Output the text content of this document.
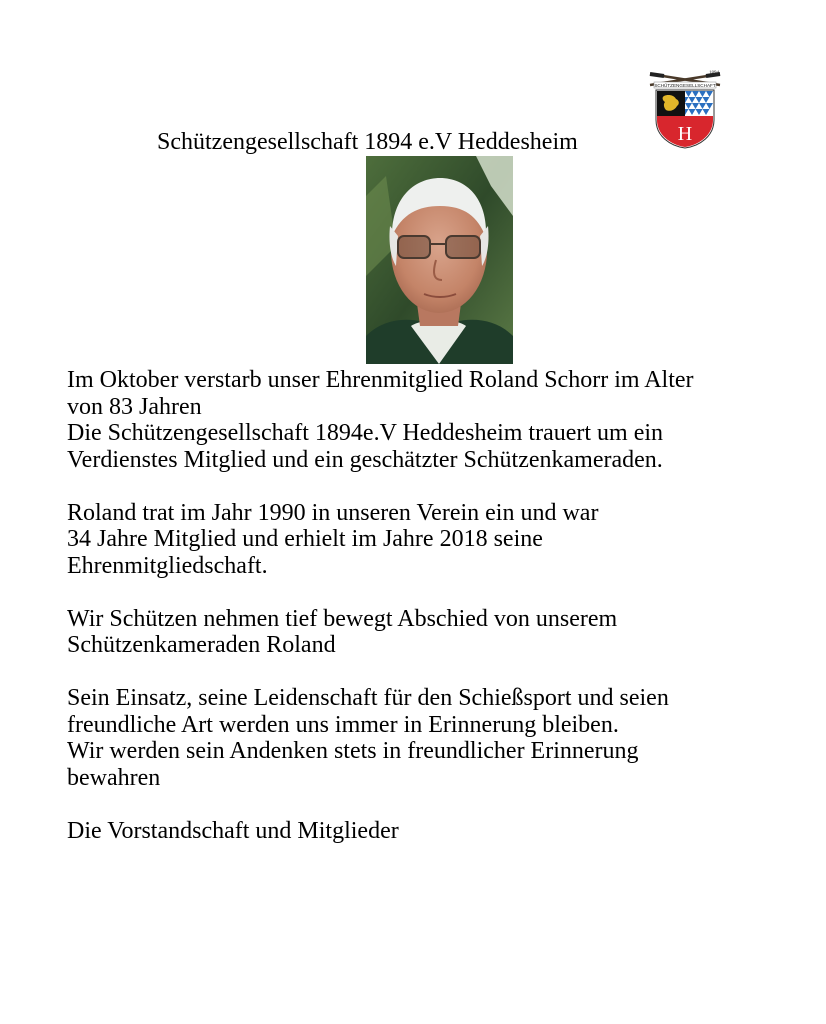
Schützengesellschaft 1894 e.V Heddesheim
1894
SCHÜTZENGESELLSCHAFT
H

Im Oktober verstarb unser Ehrenmitglied Roland Schorr im Alter

von 83 Jahren

Die Schützengesellschaft 1894e.V Heddesheim trauert um ein

Verdienstes Mitglied und ein geschätzter Schützenkameraden.

Roland trat im Jahr 1990 in unseren Verein ein und war

34 Jahre Mitglied und erhielt im Jahre 2018 seine

Ehrenmitgliedschaft.

Wir Schützen nehmen tief bewegt Abschied von unserem

Schützenkameraden Roland

Sein Einsatz, seine Leidenschaft für den Schießsport und seien

freundliche Art werden uns immer in Erinnerung bleiben.

Wir werden sein Andenken stets in freundlicher Erinnerung

bewahren

Die Vorstandschaft und Mitglieder
